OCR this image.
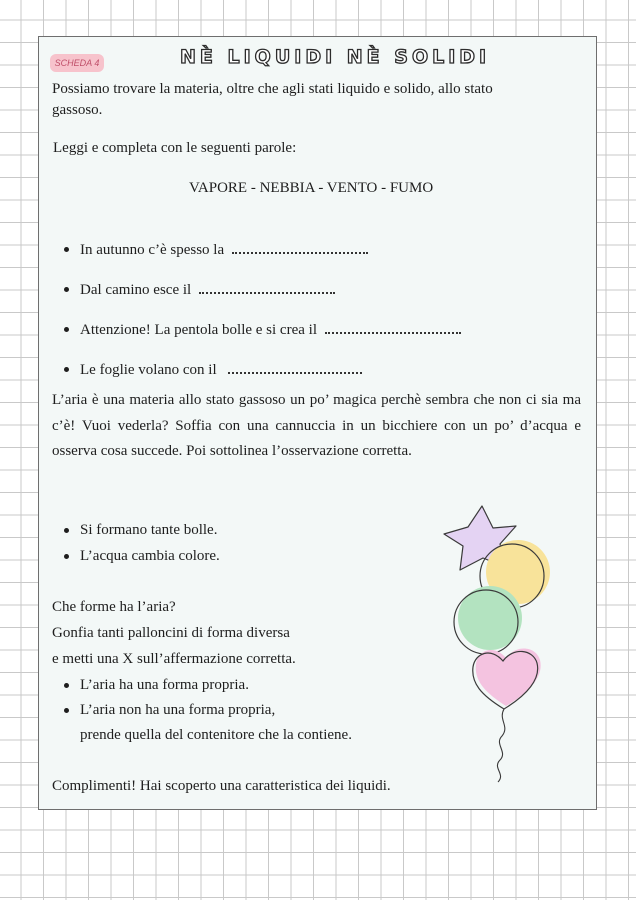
SCHEDA 4	NÈ LIQUIDI NÈ SOLIDI
Possiamo trovare la materia, oltre che agli stati liquido e solido, allo stato
gassoso.
Leggi e completa con le seguenti parole:
VAPORE - NEBBIA - VENTO - FUMO
In autunno c’è spesso la
Dal camino esce il
Attenzione! La pentola bolle e si crea il
Le foglie volano con il
L’aria è una materia allo stato gassoso un po’ magica perchè sembra che non ci sia ma c’è! Vuoi vederla? Soffia con una cannuccia in un bicchiere con un po’ d’acqua e osserva cosa succede. Poi sottolinea l’osservazione corretta.
Si formano tante bolle.
L’acqua cambia colore.
Che forme ha l’aria?
Gonfia tanti palloncini di forma diversa
e metti una X sull’affermazione corretta.
L’aria ha una forma propria.
L’aria non ha una forma propria,
prende quella del contenitore che la contiene.
Complimenti! Hai scoperto una caratteristica dei liquidi.
